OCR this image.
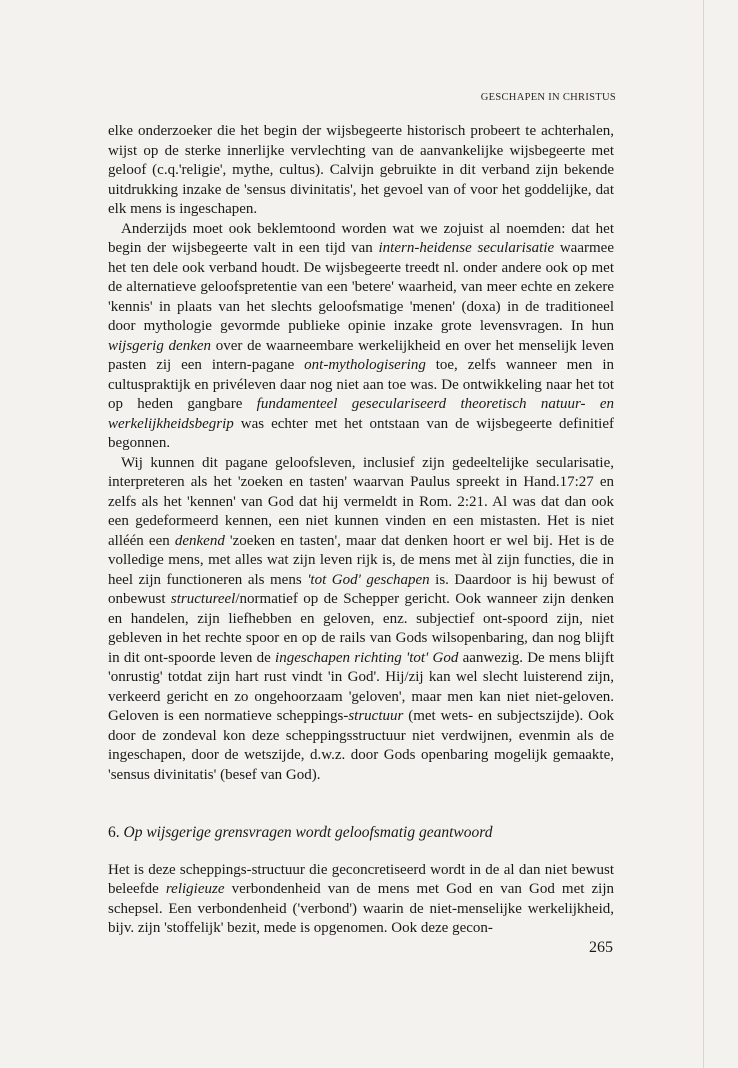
GESCHAPEN IN CHRISTUS

elke onderzoeker die het begin der wijsbegeerte historisch probeert te achterhalen, wijst op de sterke innerlijke vervlechting van de aanvankelijke wijsbegeerte met geloof (c.q.'religie', mythe, cultus). Calvijn gebruikte in dit verband zijn bekende uitdrukking inzake de 'sensus divinitatis', het gevoel van of voor het goddelijke, dat elk mens is ingeschapen.

Anderzijds moet ook beklemtoond worden wat we zojuist al noemden: dat het begin der wijsbegeerte valt in een tijd van intern-heidense secularisatie waarmee het ten dele ook verband houdt. De wijsbegeerte treedt nl. onder andere ook op met de alternatieve geloofspretentie van een 'betere' waarheid, van meer echte en zekere 'kennis' in plaats van het slechts geloofsmatige 'menen' (doxa) in de traditioneel door mythologie gevormde publieke opinie inzake grote levensvragen. In hun wijsgerig denken over de waarneembare werkelijkheid en over het menselijk leven pasten zij een intern-pagane ont-mythologisering toe, zelfs wanneer men in cultuspraktijk en privéleven daar nog niet aan toe was. De ontwikkeling naar het tot op heden gangbare fundamenteel geseculariseerd theoretisch natuur- en werkelijkheidsbegrip was echter met het ontstaan van de wijsbegeerte definitief begonnen.

Wij kunnen dit pagane geloofsleven, inclusief zijn gedeeltelijke secularisatie, interpreteren als het 'zoeken en tasten' waarvan Paulus spreekt in Hand.17:27 en zelfs als het 'kennen' van God dat hij vermeldt in Rom. 2:21. Al was dat dan ook een gedeformeerd kennen, een niet kunnen vinden en een mistasten. Het is niet alléén een denkend 'zoeken en tasten', maar dat denken hoort er wel bij. Het is de volledige mens, met alles wat zijn leven rijk is, de mens met àl zijn functies, die in heel zijn functioneren als mens 'tot God' geschapen is. Daardoor is hij bewust of onbewust structureel/normatief op de Schepper gericht. Ook wanneer zijn denken en handelen, zijn liefhebben en geloven, enz. subjectief ont-spoord zijn, niet gebleven in het rechte spoor en op de rails van Gods wilsopenbaring, dan nog blijft in dit ont-spoorde leven de ingeschapen richting 'tot' God aanwezig. De mens blijft 'onrustig' totdat zijn hart rust vindt 'in God'. Hij/zij kan wel slecht luisterend zijn, verkeerd gericht en zo ongehoorzaam 'geloven', maar men kan niet niet-geloven. Geloven is een normatieve scheppings-structuur (met wets- en subjectszijde). Ook door de zondeval kon deze scheppingsstructuur niet verdwijnen, evenmin als de ingeschapen, door de wetszijde, d.w.z. door Gods openbaring mogelijk gemaakte, 'sensus divinitatis' (besef van God).

6. Op wijsgerige grensvragen wordt geloofsmatig geantwoord

Het is deze scheppings-structuur die geconcretiseerd wordt in de al dan niet bewust beleefde religieuze verbondenheid van de mens met God en van God met zijn schepsel. Een verbondenheid ('verbond') waarin de niet-menselijke werkelijkheid, bijv. zijn 'stoffelijk' bezit, mede is opgenomen. Ook deze gecon-

265
